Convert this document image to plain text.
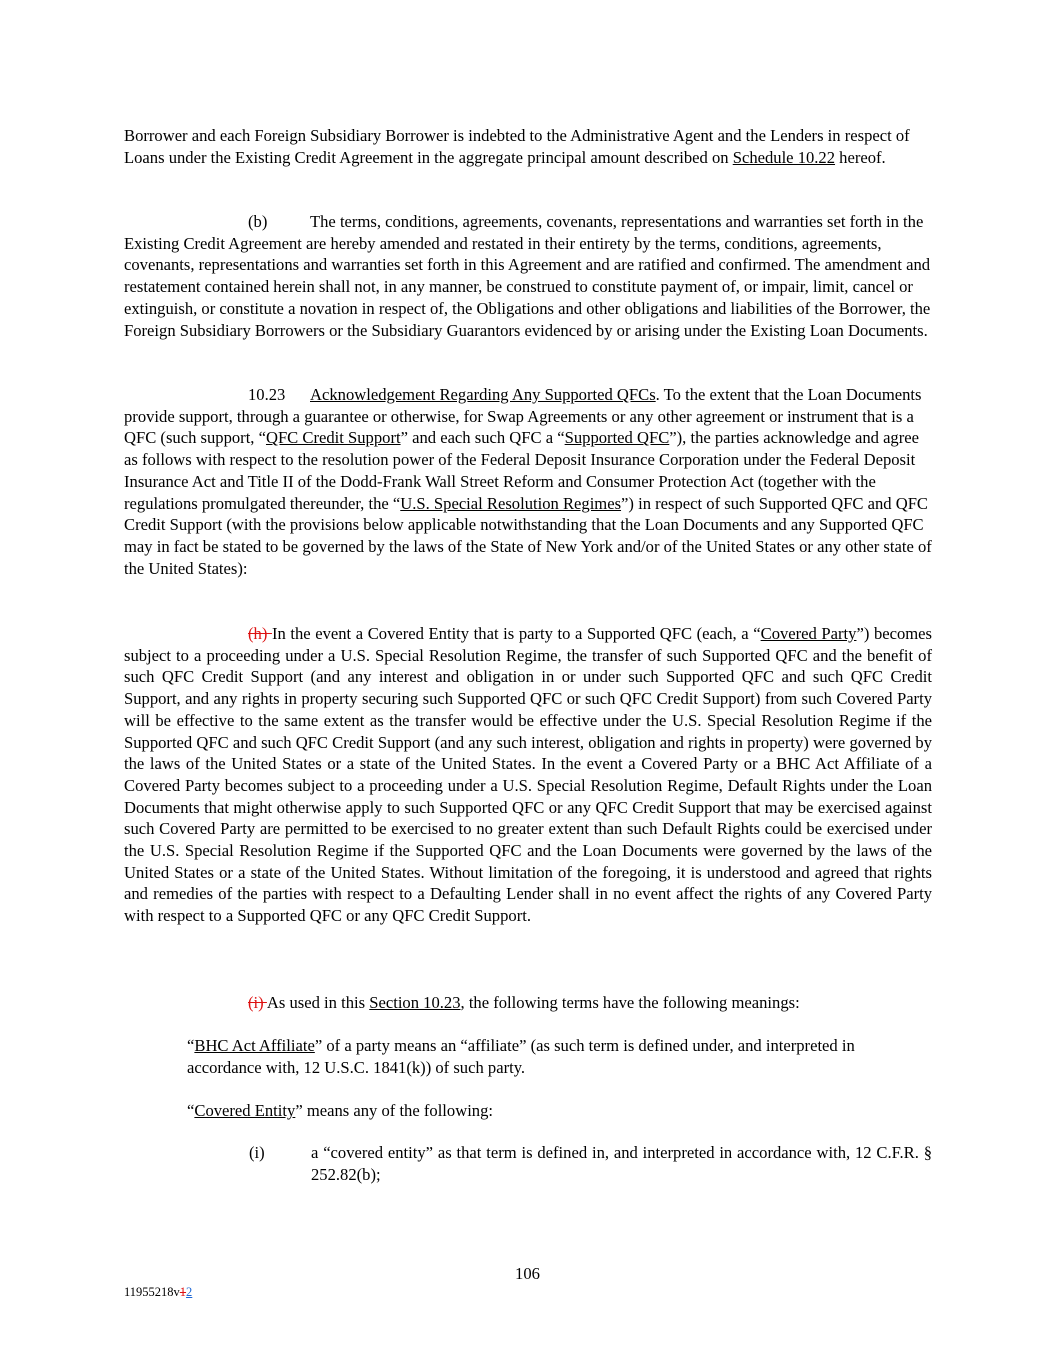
Borrower and each Foreign Subsidiary Borrower is indebted to the Administrative Agent and the Lenders in respect of Loans under the Existing Credit Agreement in the aggregate principal amount described on Schedule 10.22 hereof.

(b)	The terms, conditions, agreements, covenants, representations and warranties set forth in the Existing Credit Agreement are hereby amended and restated in their entirety by the terms, conditions, agreements, covenants, representations and warranties set forth in this Agreement and are ratified and confirmed. The amendment and restatement contained herein shall not, in any manner, be construed to constitute payment of, or impair, limit, cancel or extinguish, or constitute a novation in respect of, the Obligations and other obligations and liabilities of the Borrower, the Foreign Subsidiary Borrowers or the Subsidiary Guarantors evidenced by or arising under the Existing Loan Documents.

10.23 Acknowledgement Regarding Any Supported QFCs. To the extent that the Loan Documents provide support, through a guarantee or otherwise, for Swap Agreements or any other agreement or instrument that is a QFC (such support, “QFC Credit Support” and each such QFC a “Supported QFC”), the parties acknowledge and agree as follows with respect to the resolution power of the Federal Deposit Insurance Corporation under the Federal Deposit Insurance Act and Title II of the Dodd-Frank Wall Street Reform and Consumer Protection Act (together with the regulations promulgated thereunder, the “U.S. Special Resolution Regimes”) in respect of such Supported QFC and QFC Credit Support (with the provisions below applicable notwithstanding that the Loan Documents and any Supported QFC may in fact be stated to be governed by the laws of the State of New York and/or of the United States or any other state of the United States):

(h) In the event a Covered Entity that is party to a Supported QFC (each, a “Covered Party”) becomes subject to a proceeding under a U.S. Special Resolution Regime, the transfer of such Supported QFC and the benefit of such QFC Credit Support (and any interest and obligation in or under such Supported QFC and such QFC Credit Support, and any rights in property securing such Supported QFC or such QFC Credit Support) from such Covered Party will be effective to the same extent as the transfer would be effective under the U.S. Special Resolution Regime if the Supported QFC and such QFC Credit Support (and any such interest, obligation and rights in property) were governed by the laws of the United States or a state of the United States. In the event a Covered Party or a BHC Act Affiliate of a Covered Party becomes subject to a proceeding under a U.S. Special Resolution Regime, Default Rights under the Loan Documents that might otherwise apply to such Supported QFC or any QFC Credit Support that may be exercised against such Covered Party are permitted to be exercised to no greater extent than such Default Rights could be exercised under the U.S. Special Resolution Regime if the Supported QFC and the Loan Documents were governed by the laws of the United States or a state of the United States. Without limitation of the foregoing, it is understood and agreed that rights and remedies of the parties with respect to a Defaulting Lender shall in no event affect the rights of any Covered Party with respect to a Supported QFC or any QFC Credit Support.

(i) As used in this Section 10.23, the following terms have the following meanings:

“BHC Act Affiliate” of a party means an “affiliate” (as such term is defined under, and interpreted in accordance with, 12 U.S.C. 1841(k)) of such party.

“Covered Entity” means any of the following:

(i)	a “covered entity” as that term is defined in, and interpreted in accordance with, 12 C.F.R. § 252.82(b);
106
11955218v12
